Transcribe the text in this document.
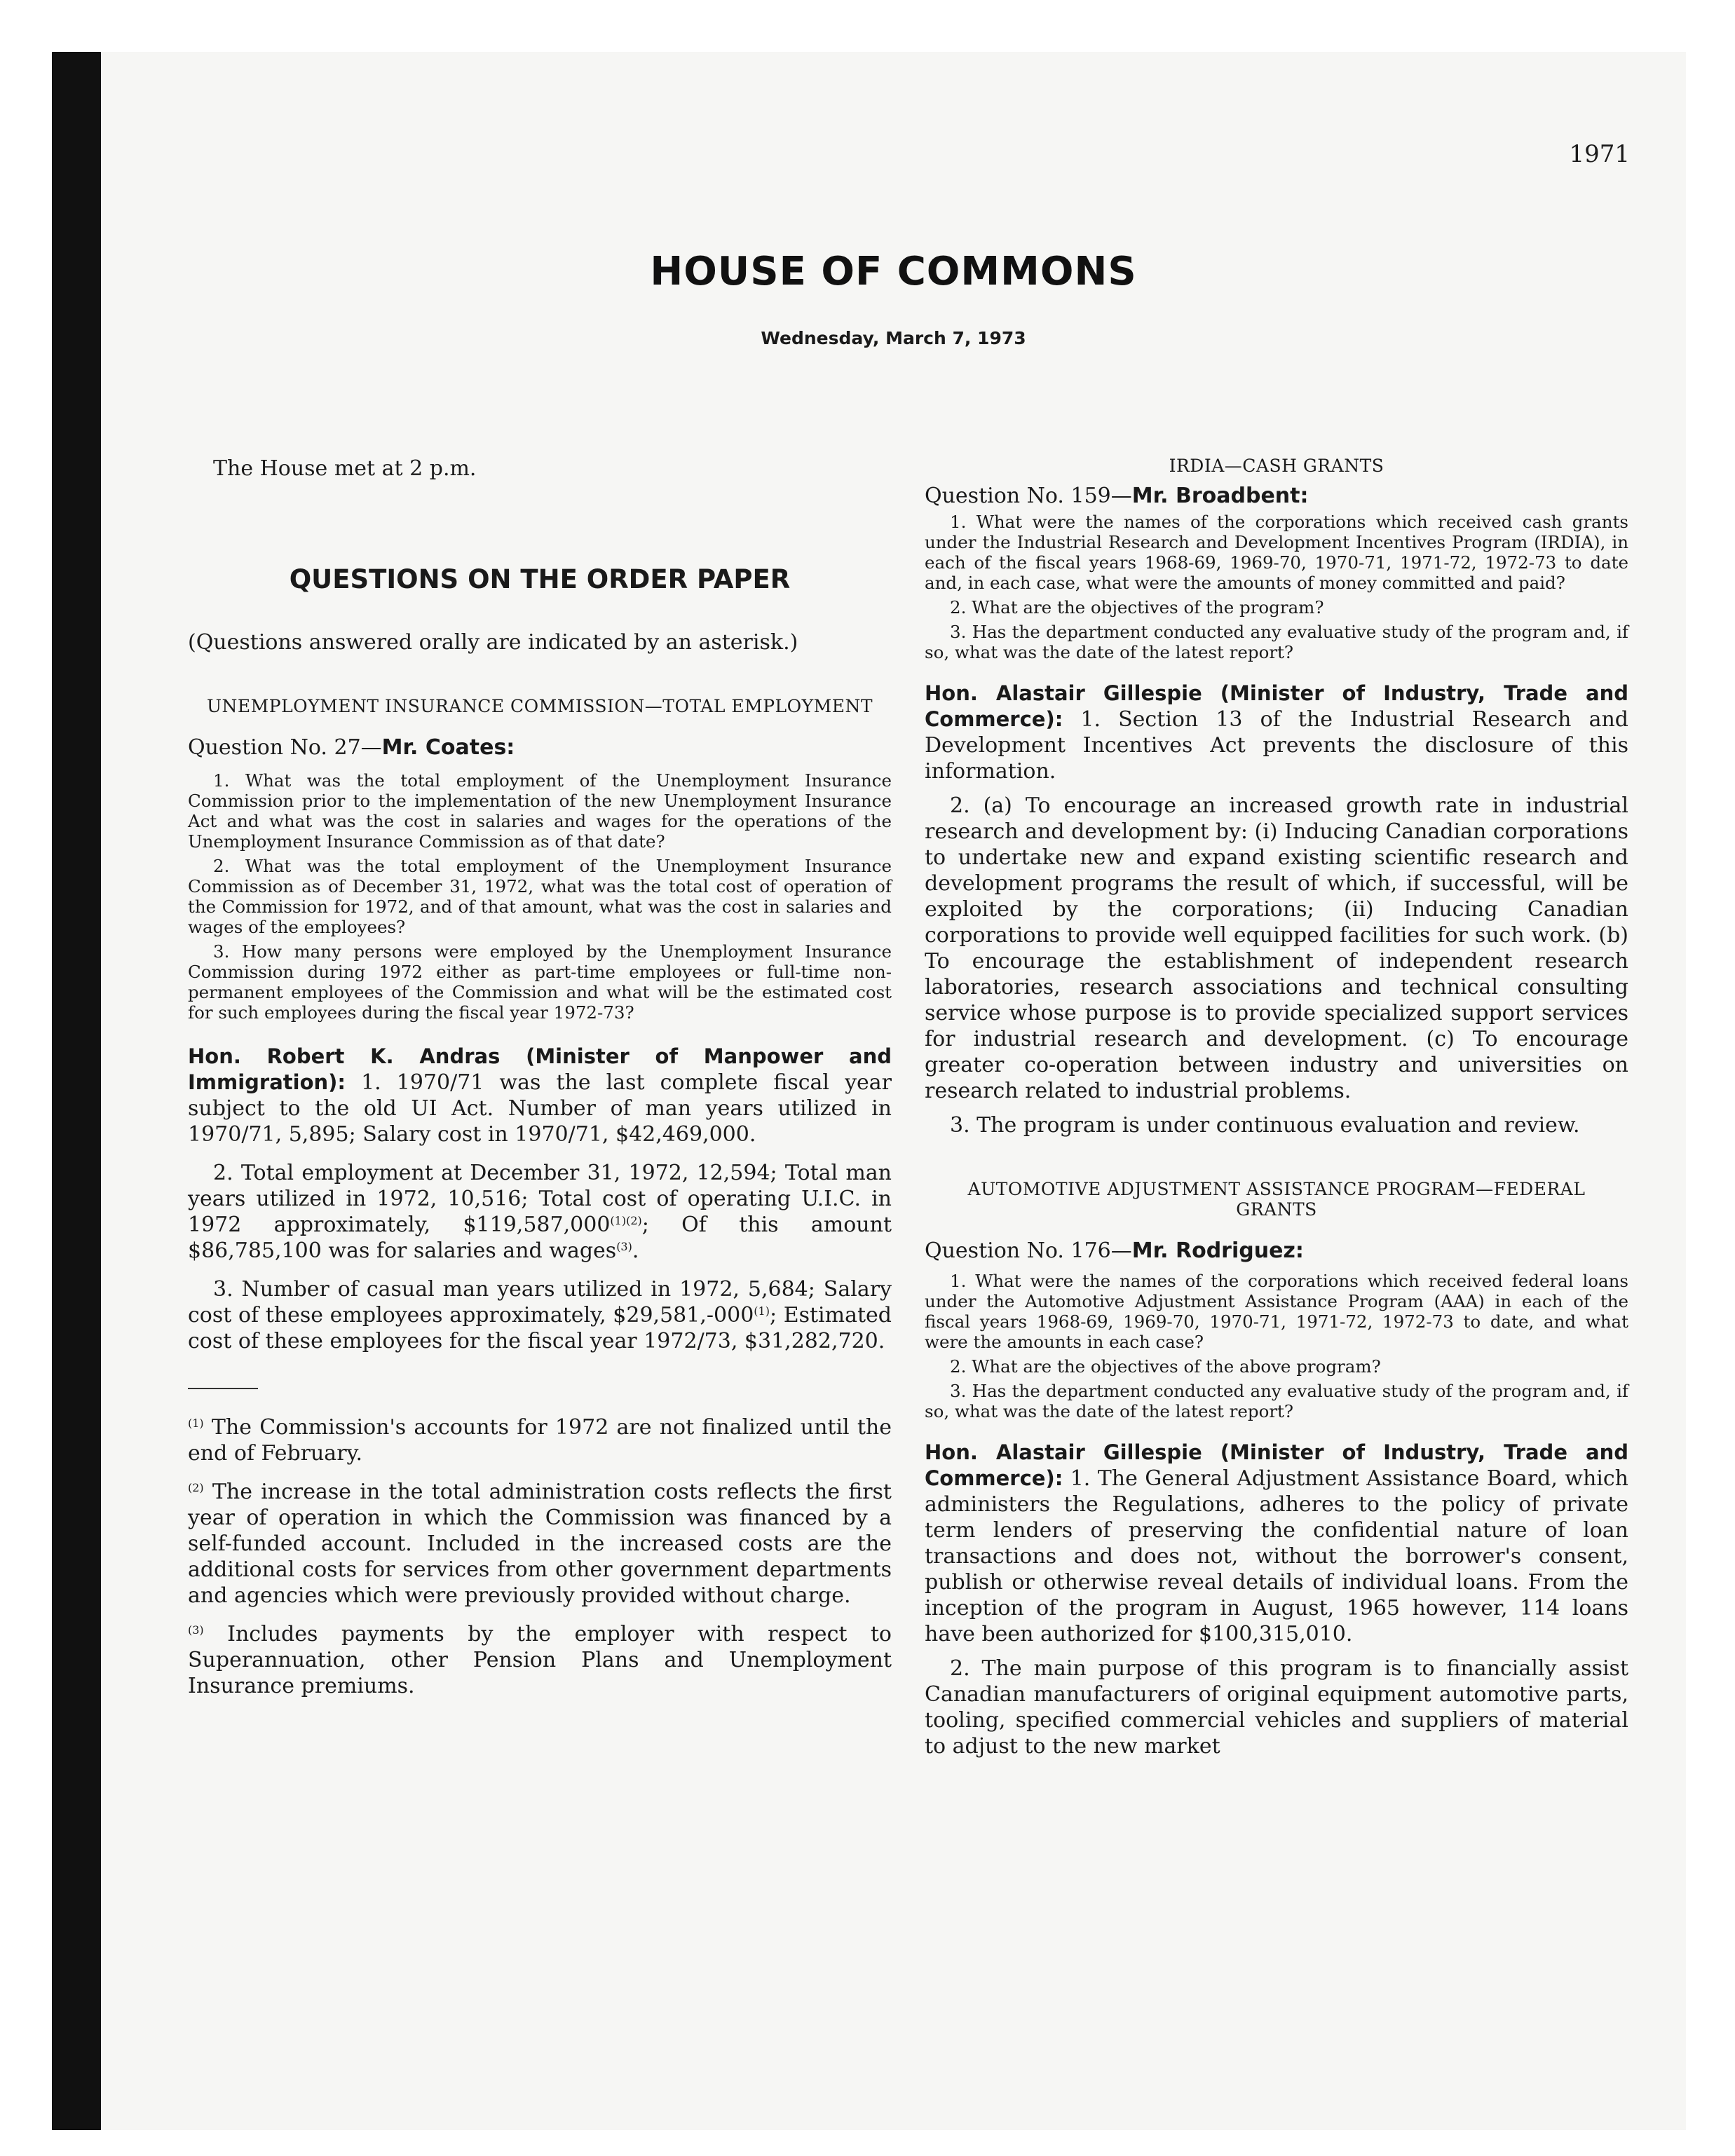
1971
HOUSE OF COMMONS
Wednesday, March 7, 1973

The House met at 2 p.m.

QUESTIONS ON THE ORDER PAPER

(Questions answered orally are indicated by an asterisk.)

UNEMPLOYMENT INSURANCE COMMISSION—TOTAL EMPLOYMENT

Question No. 27—Mr. Coates:

1. What was the total employment of the Unemployment Insurance Commission prior to the implementation of the new Unemployment Insurance Act and what was the cost in salaries and wages for the operations of the Unemployment Insurance Commission as of that date?

2. What was the total employment of the Unemployment Insurance Commission as of December 31, 1972, what was the total cost of operation of the Commission for 1972, and of that amount, what was the cost in salaries and wages of the employees?

3. How many persons were employed by the Unemployment Insurance Commission during 1972 either as part-time employees or full-time non-permanent employees of the Commission and what will be the estimated cost for such employees during the fiscal year 1972-73?

Hon. Robert K. Andras (Minister of Manpower and Immigration): 1. 1970/71 was the last complete fiscal year subject to the old UI Act. Number of man years utilized in 1970/71, 5,895; Salary cost in 1970/71, $42,469,000.

2. Total employment at December 31, 1972, 12,594; Total man years utilized in 1972, 10,516; Total cost of operating U.I.C. in 1972 approximately, $\$119,587,000^{(1)(2)}$; Of this amount $86,785,100 was for salaries and wages$^{(3)}$.

3. Number of casual man years utilized in 1972, 5,684; Salary cost of these employees approximately, $29,581,-000$^{(1)}$; Estimated cost of these employees for the fiscal year 1972/73, $31,282,720.

$^{(1)}$ The Commission's accounts for 1972 are not finalized until the end of February.

$^{(2)}$ The increase in the total administration costs reflects the first year of operation in which the Commission was financed by a self-funded account. Included in the increased costs are the additional costs for services from other government departments and agencies which were previously provided without charge.

$^{(3)}$ Includes payments by the employer with respect to Superannuation, other Pension Plans and Unemployment Insurance premiums.

IRDIA—CASH GRANTS

Question No. 159—Mr. Broadbent:

1. What were the names of the corporations which received cash grants under the Industrial Research and Development Incentives Program (IRDIA), in each of the fiscal years 1968-69, 1969-70, 1970-71, 1971-72, 1972-73 to date and, in each case, what were the amounts of money committed and paid?

2. What are the objectives of the program?

3. Has the department conducted any evaluative study of the program and, if so, what was the date of the latest report?

Hon. Alastair Gillespie (Minister of Industry, Trade and Commerce): 1. Section 13 of the Industrial Research and Development Incentives Act prevents the disclosure of this information.

2. (a) To encourage an increased growth rate in industrial research and development by: (i) Inducing Canadian corporations to undertake new and expand existing scientific research and development programs the result of which, if successful, will be exploited by the corporations; (ii) Inducing Canadian corporations to provide well equipped facilities for such work. (b) To encourage the establishment of independent research laboratories, research associations and technical consulting service whose purpose is to provide specialized support services for industrial research and development. (c) To encourage greater co-operation between industry and universities on research related to industrial problems.

3. The program is under continuous evaluation and review.

AUTOMOTIVE ADJUSTMENT ASSISTANCE PROGRAM—FEDERAL GRANTS

Question No. 176—Mr. Rodriguez:

1. What were the names of the corporations which received federal loans under the Automotive Adjustment Assistance Program (AAA) in each of the fiscal years 1968-69, 1969-70, 1970-71, 1971-72, 1972-73 to date, and what were the amounts in each case?

2. What are the objectives of the above program?

3. Has the department conducted any evaluative study of the program and, if so, what was the date of the latest report?

Hon. Alastair Gillespie (Minister of Industry, Trade and Commerce): 1. The General Adjustment Assistance Board, which administers the Regulations, adheres to the policy of private term lenders of preserving the confidential nature of loan transactions and does not, without the borrower's consent, publish or otherwise reveal details of individual loans. From the inception of the program in August, 1965 however, 114 loans have been authorized for $100,315,010.

2. The main purpose of this program is to financially assist Canadian manufacturers of original equipment automotive parts, tooling, specified commercial vehicles and suppliers of material to adjust to the new market
